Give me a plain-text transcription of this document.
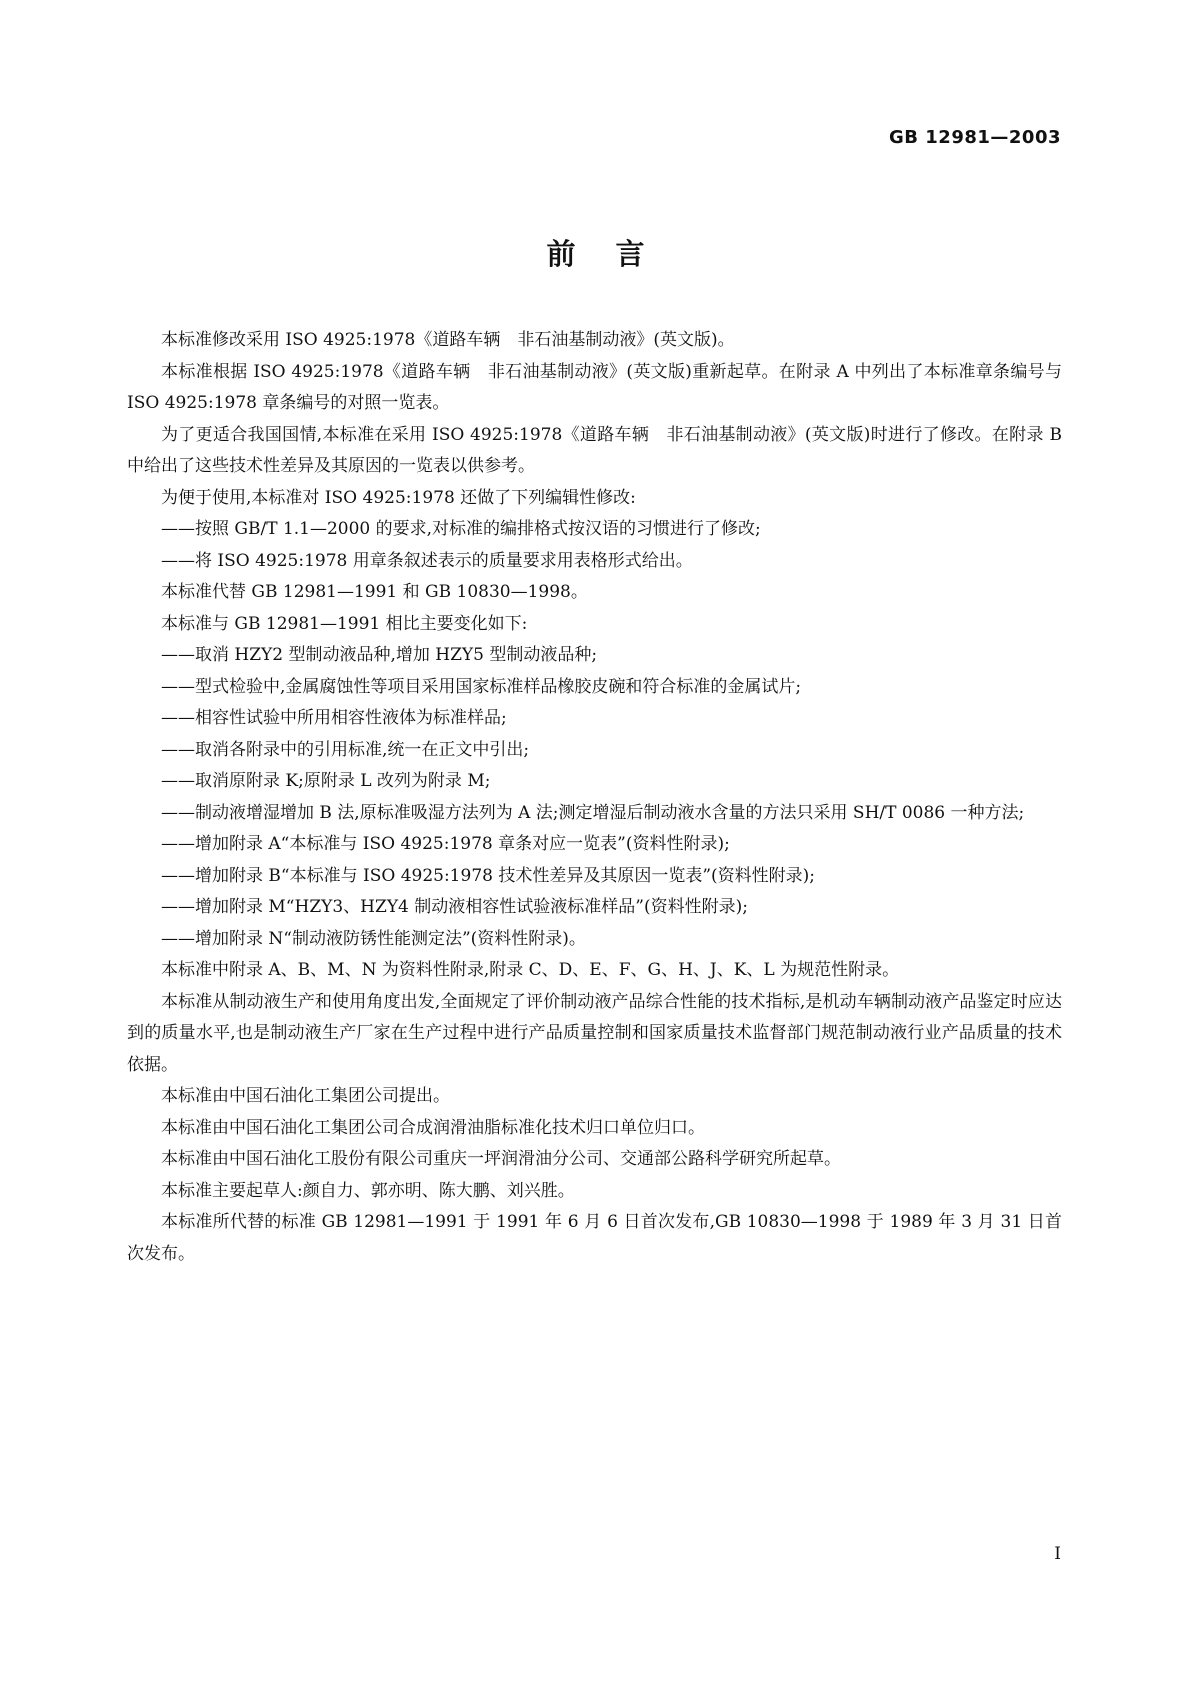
GB 12981—2003
前言

本标准修改采用 ISO 4925:1978《道路车辆　非石油基制动液》(英文版)。

本标准根据 ISO 4925:1978《道路车辆　非石油基制动液》(英文版)重新起草。在附录 A 中列出了本标准章条编号与 ISO 4925:1978 章条编号的对照一览表。

为了更适合我国国情,本标准在采用 ISO 4925:1978《道路车辆　非石油基制动液》(英文版)时进行了修改。在附录 B 中给出了这些技术性差异及其原因的一览表以供参考。

为便于使用,本标准对 ISO 4925:1978 还做了下列编辑性修改:

——按照 GB/T 1.1—2000 的要求,对标准的编排格式按汉语的习惯进行了修改;
——将 ISO 4925:1978 用章条叙述表示的质量要求用表格形式给出。

本标准代替 GB 12981—1991 和 GB 10830—1998。

本标准与 GB 12981—1991 相比主要变化如下:

——取消 HZY2 型制动液品种,增加 HZY5 型制动液品种;
——型式检验中,金属腐蚀性等项目采用国家标准样品橡胶皮碗和符合标准的金属试片;
——相容性试验中所用相容性液体为标准样品;
——取消各附录中的引用标准,统一在正文中引出;
——取消原附录 K;原附录 L 改列为附录 M;
——制动液增湿增加 B 法,原标准吸湿方法列为 A 法;测定增湿后制动液水含量的方法只采用 SH/T 0086 一种方法;
——增加附录 A“本标准与 ISO 4925:1978 章条对应一览表”(资料性附录);
——增加附录 B“本标准与 ISO 4925:1978 技术性差异及其原因一览表”(资料性附录);
——增加附录 M“HZY3、HZY4 制动液相容性试验液标准样品”(资料性附录);
——增加附录 N“制动液防锈性能测定法”(资料性附录)。

本标准中附录 A、B、M、N 为资料性附录,附录 C、D、E、F、G、H、J、K、L 为规范性附录。

本标准从制动液生产和使用角度出发,全面规定了评价制动液产品综合性能的技术指标,是机动车辆制动液产品鉴定时应达到的质量水平,也是制动液生产厂家在生产过程中进行产品质量控制和国家质量技术监督部门规范制动液行业产品质量的技术依据。

本标准由中国石油化工集团公司提出。

本标准由中国石油化工集团公司合成润滑油脂标准化技术归口单位归口。

本标准由中国石油化工股份有限公司重庆一坪润滑油分公司、交通部公路科学研究所起草。

本标准主要起草人:颜自力、郭亦明、陈大鹏、刘兴胜。

本标准所代替的标准 GB 12981—1991 于 1991 年 6 月 6 日首次发布,GB 10830—1998 于 1989 年 3 月 31 日首次发布。

I
